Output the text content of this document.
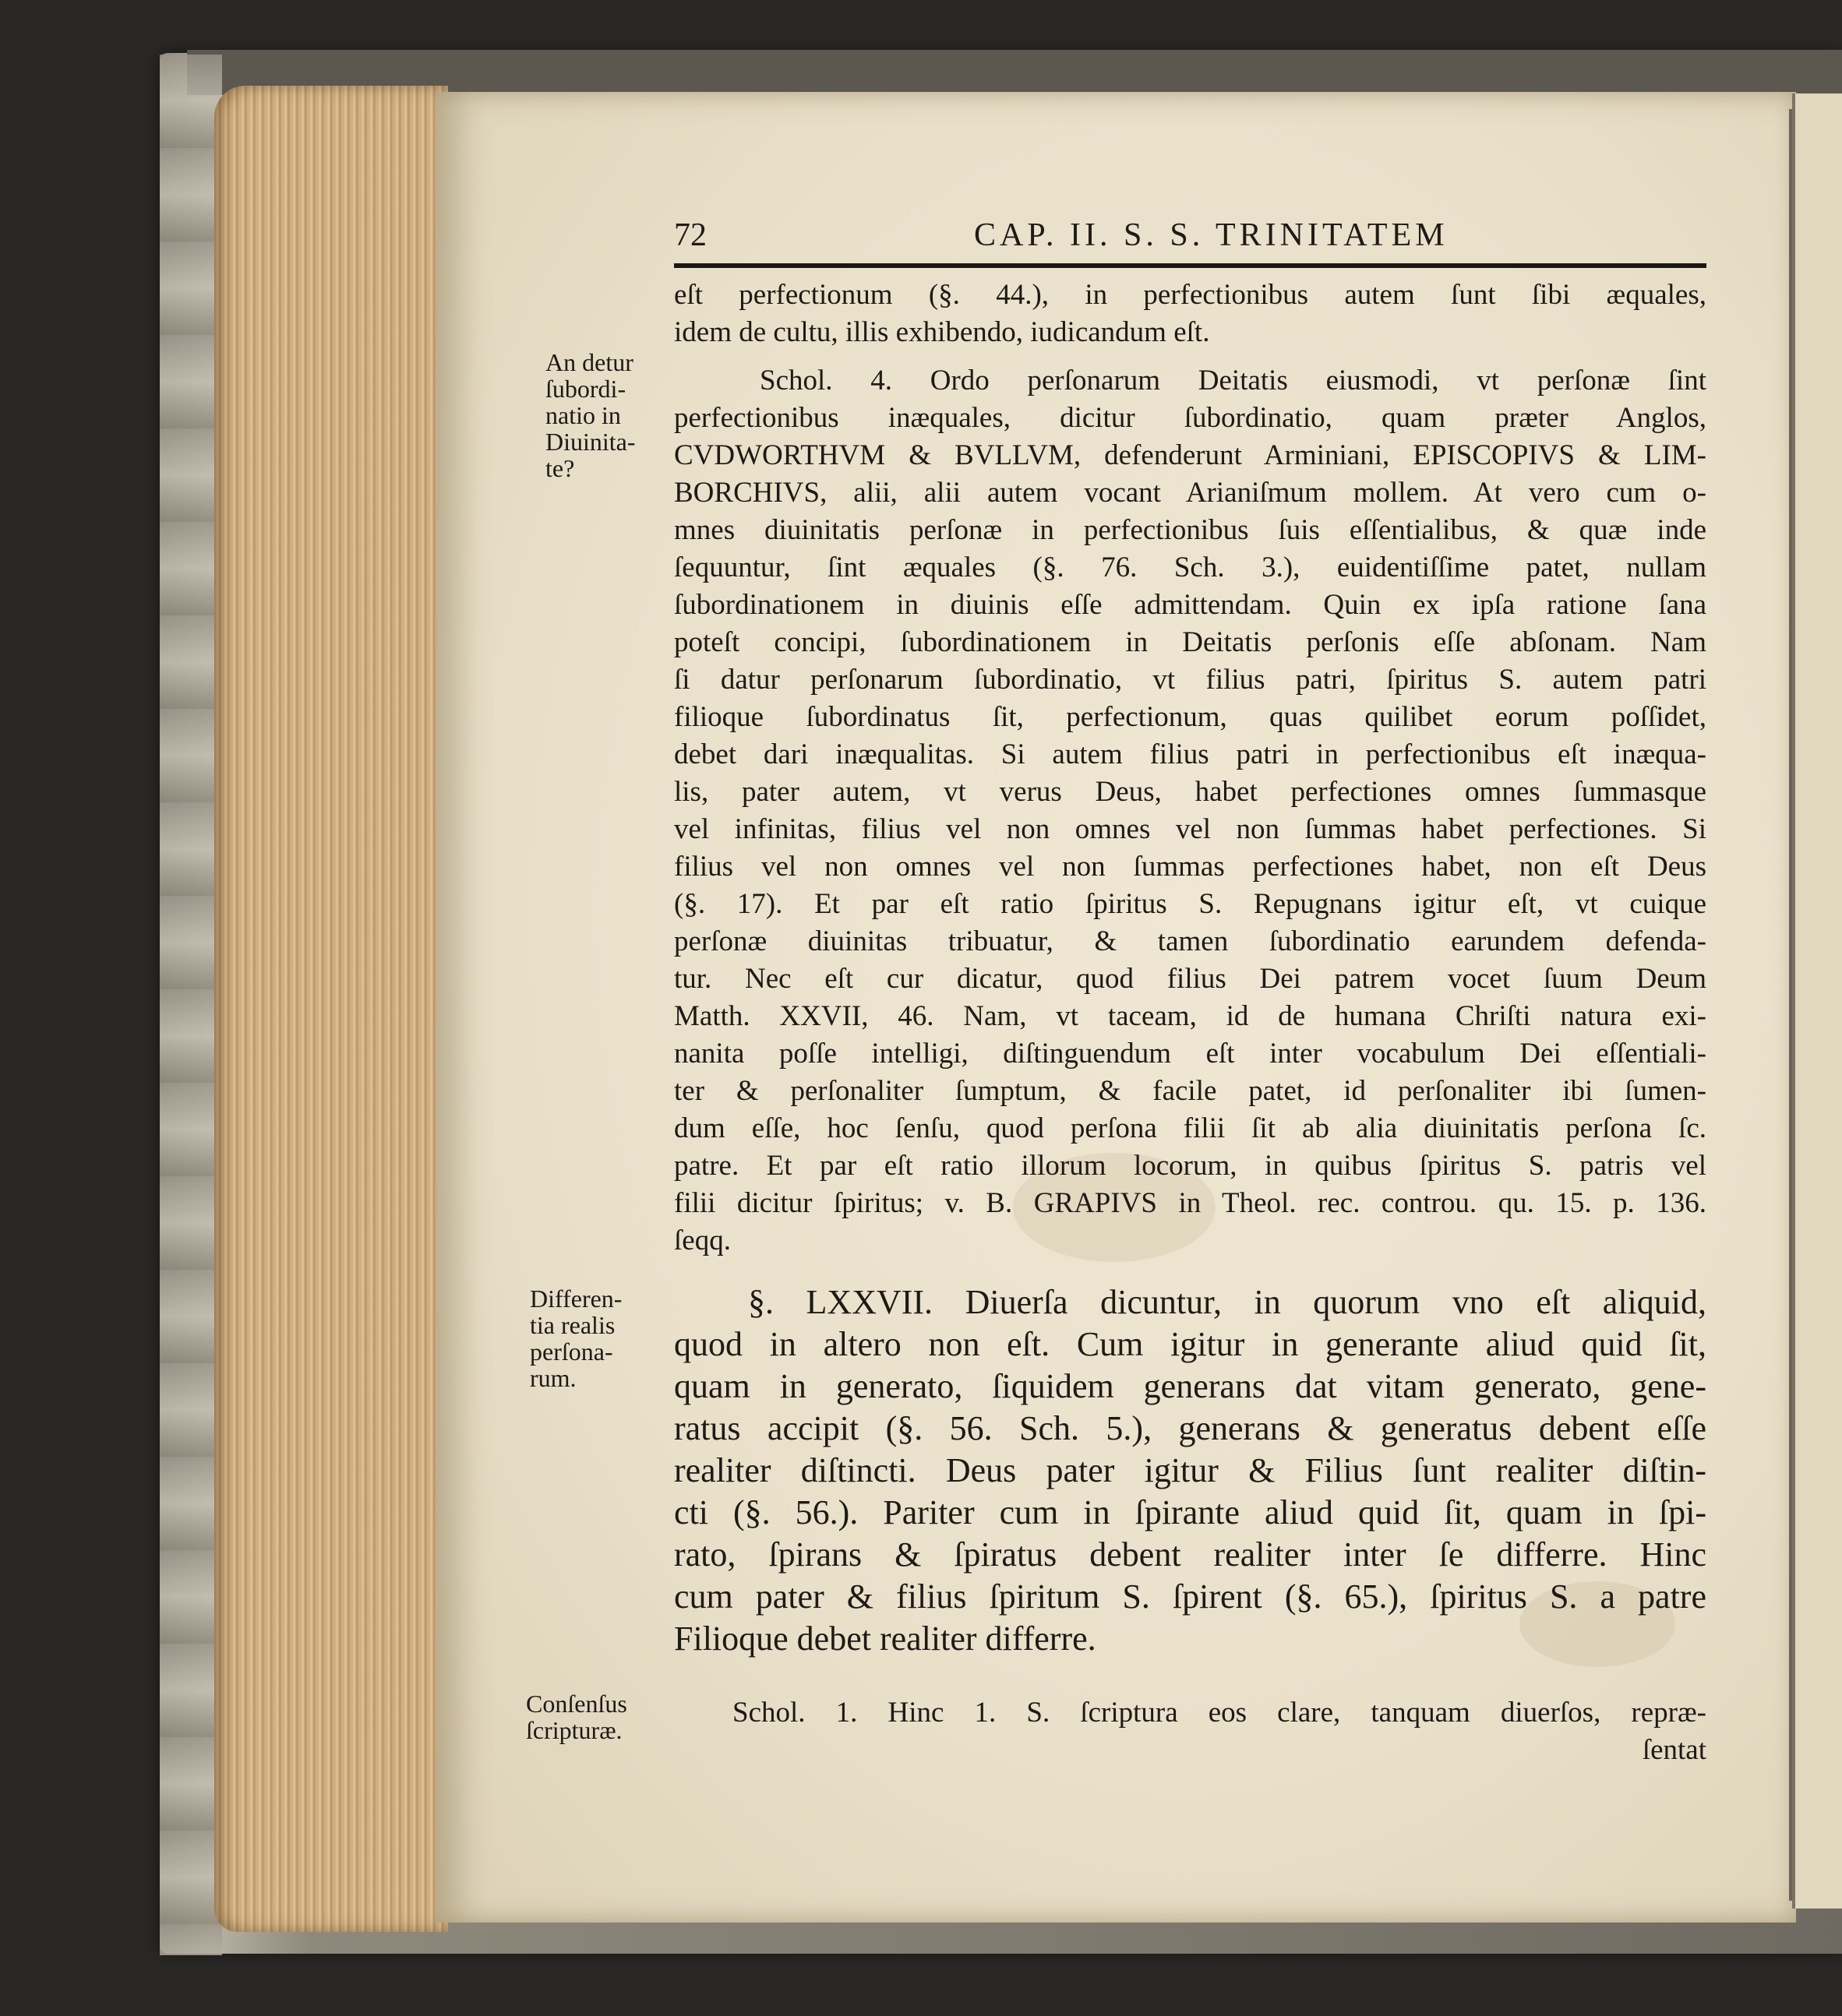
72	CAP. II. S. S. TRINITATEM
An detur
ſubordi-
natio in
Diuinita-
te?
Differen-
tia realis
perſona-
rum.
Conſenſus
ſcripturæ.
eſt perfectionum (§. 44.), in perfectionibus autem ſunt ſibi æquales,
idem de cultu, illis exhibendo, iudicandum eſt.
Schol. 4. Ordo perſonarum Deitatis eiusmodi, vt perſonæ ſint
perfectionibus inæquales, dicitur ſubordinatio, quam præter Anglos,
CVDWORTHVM & BVLLVM, defenderunt Arminiani, EPISCOPIVS & LIM-
BORCHIVS, alii, alii autem vocant Arianiſmum mollem. At vero cum o-
mnes diuinitatis perſonæ in perfectionibus ſuis eſſentialibus, & quæ inde
ſequuntur, ſint æquales (§. 76. Sch. 3.), euidentiſſime patet, nullam
ſubordinationem in diuinis eſſe admittendam. Quin ex ipſa ratione ſana
poteſt concipi, ſubordinationem in Deitatis perſonis eſſe abſonam. Nam
ſi datur perſonarum ſubordinatio, vt filius patri, ſpiritus S. autem patri
filioque ſubordinatus ſit, perfectionum, quas quilibet eorum poſſidet,
debet dari inæqualitas. Si autem filius patri in perfectionibus eſt inæqua-
lis, pater autem, vt verus Deus, habet perfectiones omnes ſummasque
vel infinitas, filius vel non omnes vel non ſummas habet perfectiones. Si
filius vel non omnes vel non ſummas perfectiones habet, non eſt Deus
(§. 17). Et par eſt ratio ſpiritus S. Repugnans igitur eſt, vt cuique
perſonæ diuinitas tribuatur, & tamen ſubordinatio earundem defenda-
tur. Nec eſt cur dicatur, quod filius Dei patrem vocet ſuum Deum
Matth. XXVII, 46. Nam, vt taceam, id de humana Chriſti natura exi-
nanita poſſe intelligi, diſtinguendum eſt inter vocabulum Dei eſſentiali-
ter & perſonaliter ſumptum, & facile patet, id perſonaliter ibi ſumen-
dum eſſe, hoc ſenſu, quod perſona filii ſit ab alia diuinitatis perſona ſc.
patre. Et par eſt ratio illorum locorum, in quibus ſpiritus S. patris vel
filii dicitur ſpiritus; v. B. GRAPIVS in Theol. rec. controu. qu. 15. p. 136.
ſeqq.
§. LXXVII. Diuerſa dicuntur, in quorum vno eſt aliquid,
quod in altero non eſt. Cum igitur in generante aliud quid ſit,
quam in generato, ſiquidem generans dat vitam generato, gene-
ratus accipit (§. 56. Sch. 5.), generans & generatus debent eſſe
realiter diſtincti. Deus pater igitur & Filius ſunt realiter diſtin-
cti (§. 56.). Pariter cum in ſpirante aliud quid ſit, quam in ſpi-
rato, ſpirans & ſpiratus debent realiter inter ſe differre. Hinc
cum pater & filius ſpiritum S. ſpirent (§. 65.), ſpiritus S. a patre
Filioque debet realiter differre.
Schol. 1. Hinc 1. S. ſcriptura eos clare, tanquam diuerſos, repræ-
ſentat
